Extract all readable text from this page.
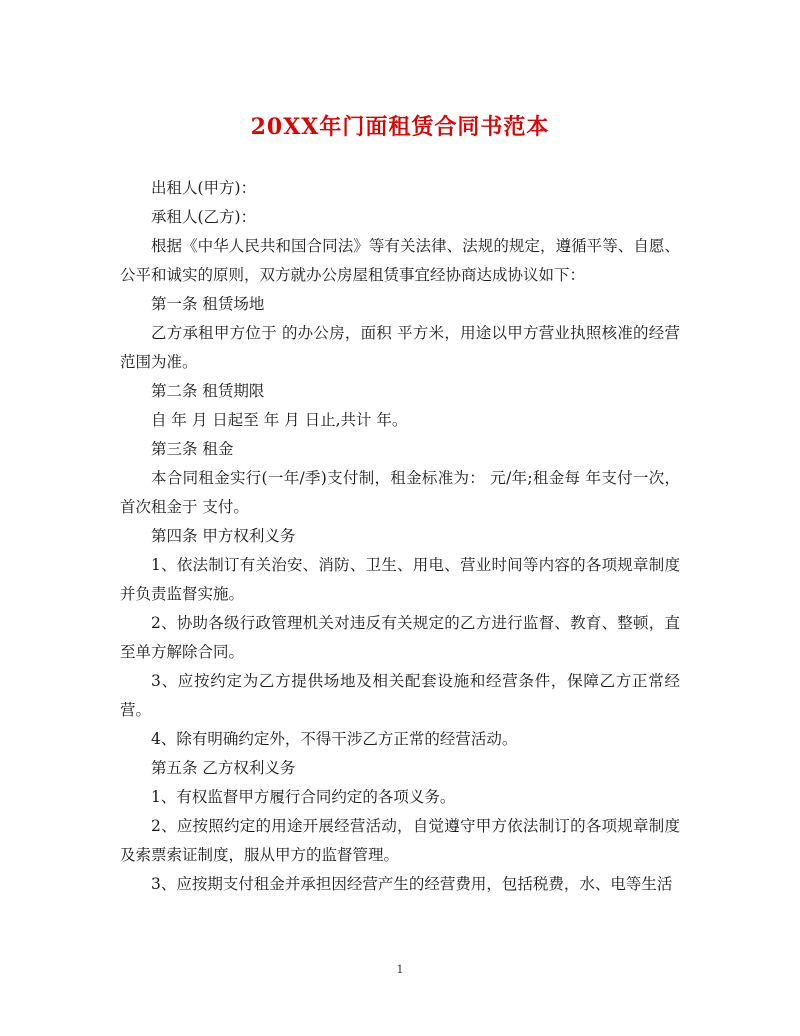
20XX年门面租赁合同书范本

出租人(甲方)：

承租人(乙方)：

根据《中华人民共和国合同法》等有关法律、法规的规定，遵循平等、自愿、公平和诚实的原则，双方就办公房屋租赁事宜经协商达成协议如下：

第一条 租赁场地

乙方承租甲方位于 的办公房，面积 平方米，用途以甲方营业执照核准的经营范围为准。

第二条 租赁期限

自 年 月 日起至 年 月 日止,共计 年。

第三条 租金

本合同租金实行(一年/季)支付制，租金标准为： 元/年;租金每 年支付一次，首次租金于 支付。

第四条 甲方权利义务

1、依法制订有关治安、消防、卫生、用电、营业时间等内容的各项规章制度并负责监督实施。

2、协助各级行政管理机关对违反有关规定的乙方进行监督、教育、整顿，直至单方解除合同。

3、应按约定为乙方提供场地及相关配套设施和经营条件，保障乙方正常经营。

4、除有明确约定外，不得干涉乙方正常的经营活动。

第五条 乙方权利义务

1、有权监督甲方履行合同约定的各项义务。

2、应按照约定的用途开展经营活动，自觉遵守甲方依法制订的各项规章制度及索票索证制度，服从甲方的监督管理。

3、应按期支付租金并承担因经营产生的经营费用，包括税费，水、电等生活

1
